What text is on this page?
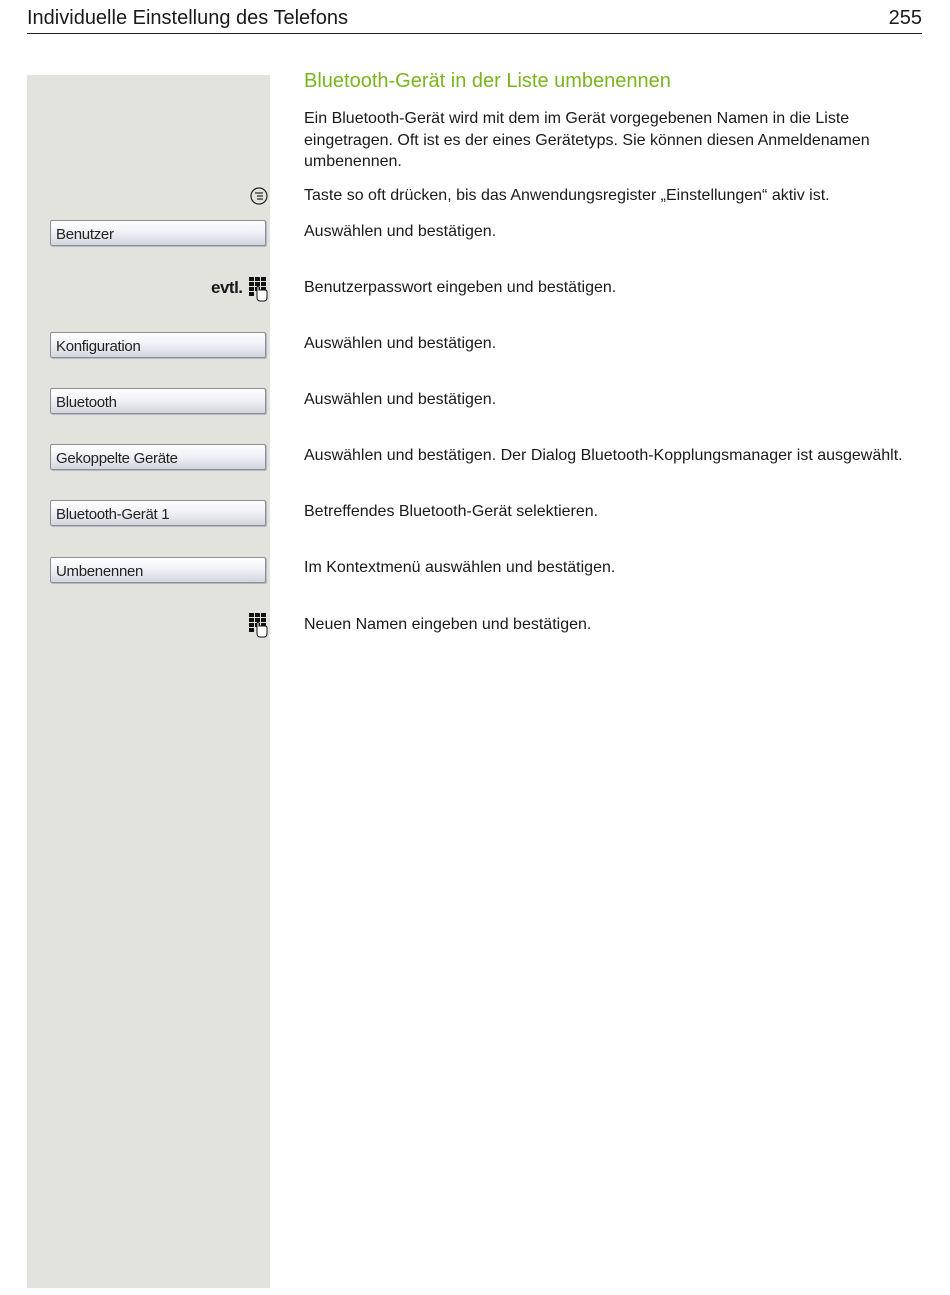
Individuelle Einstellung des Telefons	255
Bluetooth-Gerät in der Liste umbenennen

Ein Bluetooth-Gerät wird mit dem im Gerät vorgegebenen Namen in die Liste eingetragen. Oft ist es der eines Gerätetyps. Sie können diesen Anmeldenamen umbenennen.

Taste so oft drücken, bis das Anwendungsregister „Einstellungen“ aktiv ist.
Benutzer	Auswählen und bestätigen.
evtl.	Benutzerpasswort eingeben und bestätigen.
Konfiguration	Auswählen und bestätigen.
Bluetooth	Auswählen und bestätigen.
Gekoppelte Geräte	Auswählen und bestätigen. Der Dialog Bluetooth-Kopplungsmanager ist ausgewählt.
Bluetooth-Gerät 1	Betreffendes Bluetooth-Gerät selektieren.
Umbenennen	Im Kontextmenü auswählen und bestätigen.
Neuen Namen eingeben und bestätigen.
